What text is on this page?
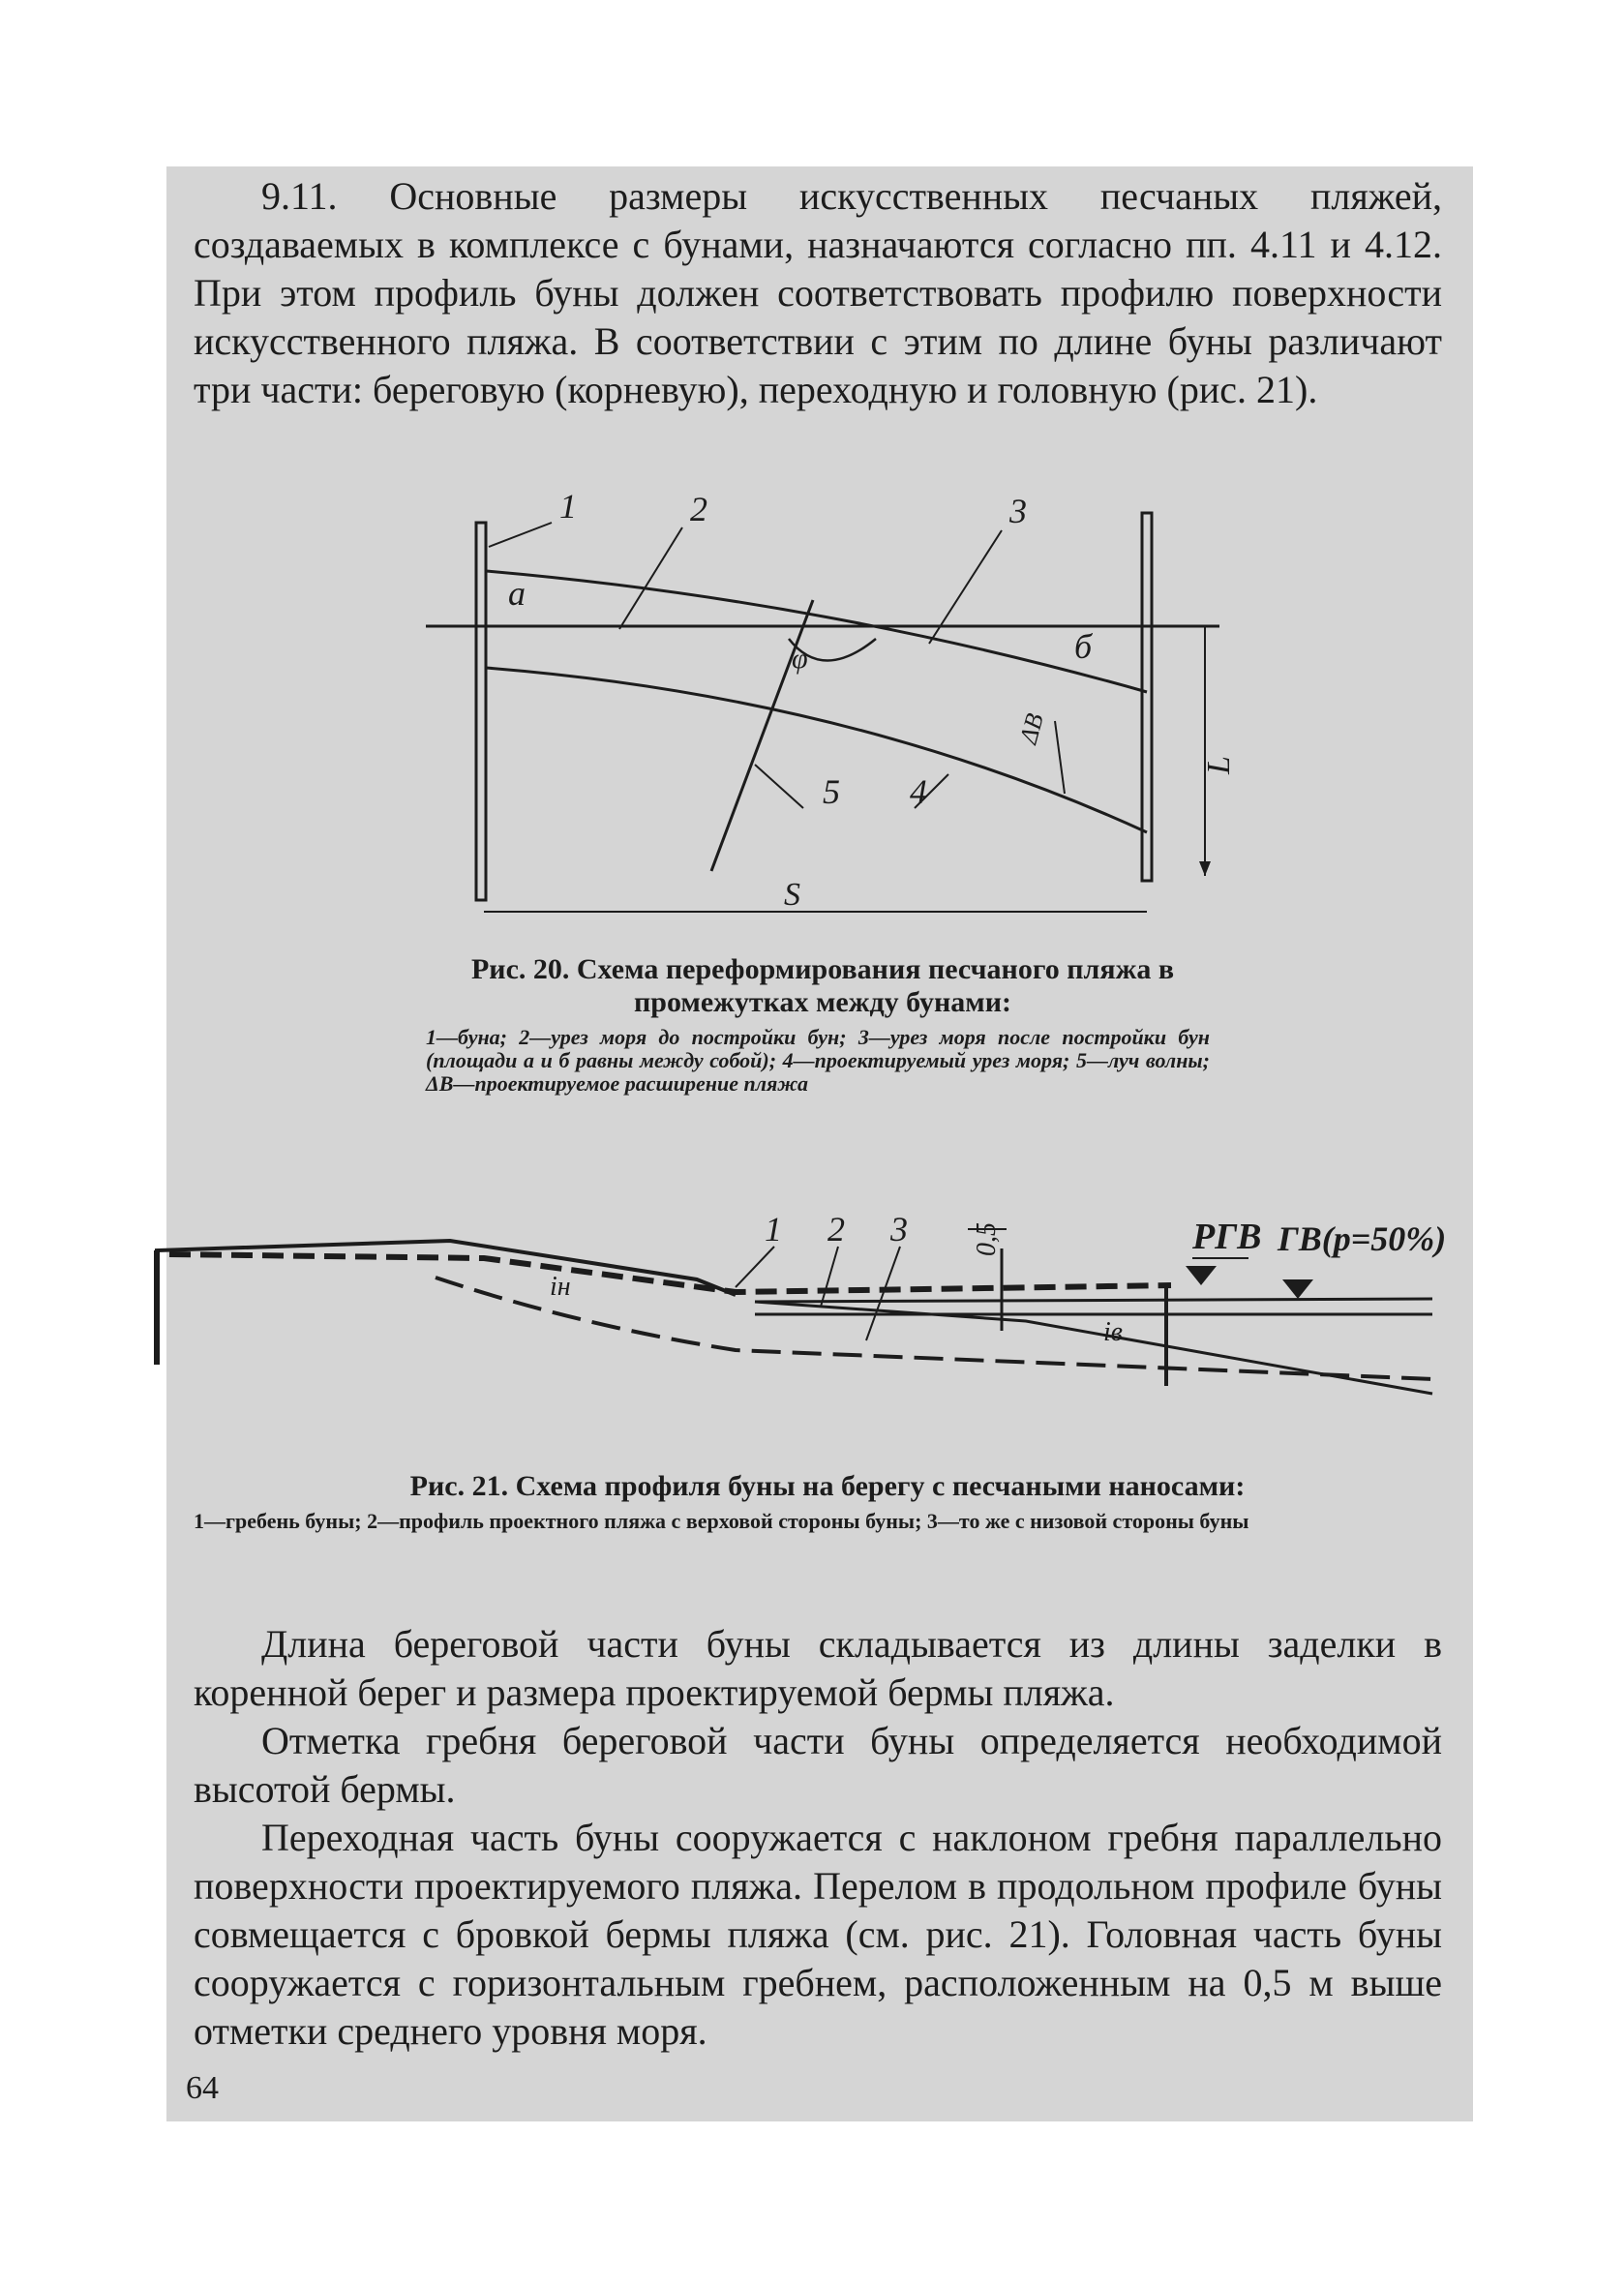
9.11. Основные размеры искусственных песчаных пляжей, создаваемых в комплексе с бунами, назначаются согласно пп. 4.11 и 4.12. При этом профиль буны должен соответствовать профилю поверхности искусственного пляжа. В соответствии с этим по длине буны различают три части: береговую (корневую), переходную и головную (рис. 21).

1	2	3
5 4
а
б
φ
ΔB
L
S

Рис. 20. Схема переформирования песчаного пляжа в промежутках между бунами:

1—буна; 2—урез моря до постройки бун; 3—урез моря после постройки бун (площади а и б равны между собой); 4—проектируемый урез моря; 5—луч волны; ΔB—проектируемое расширение пляжа

1 2 3 0,5	РГВ ГВ(p=50%)
iн
iв

Рис. 21. Схема профиля буны на берегу с песчаными наносами:

1—гребень буны; 2—профиль проектного пляжа с верховой стороны буны; 3—то же с низовой стороны буны

Длина береговой части буны складывается из длины заделки в коренной берег и размера проектируемой бермы пляжа.

Отметка гребня береговой части буны определяется необходимой высотой бермы.

Переходная часть буны сооружается с наклоном гребня параллельно поверхности проектируемого пляжа. Перелом в продольном профиле буны совмещается с бровкой бермы пляжа (см. рис. 21). Головная часть буны сооружается с горизонтальным гребнем, расположенным на 0,5 м выше отметки среднего уровня моря.

64
